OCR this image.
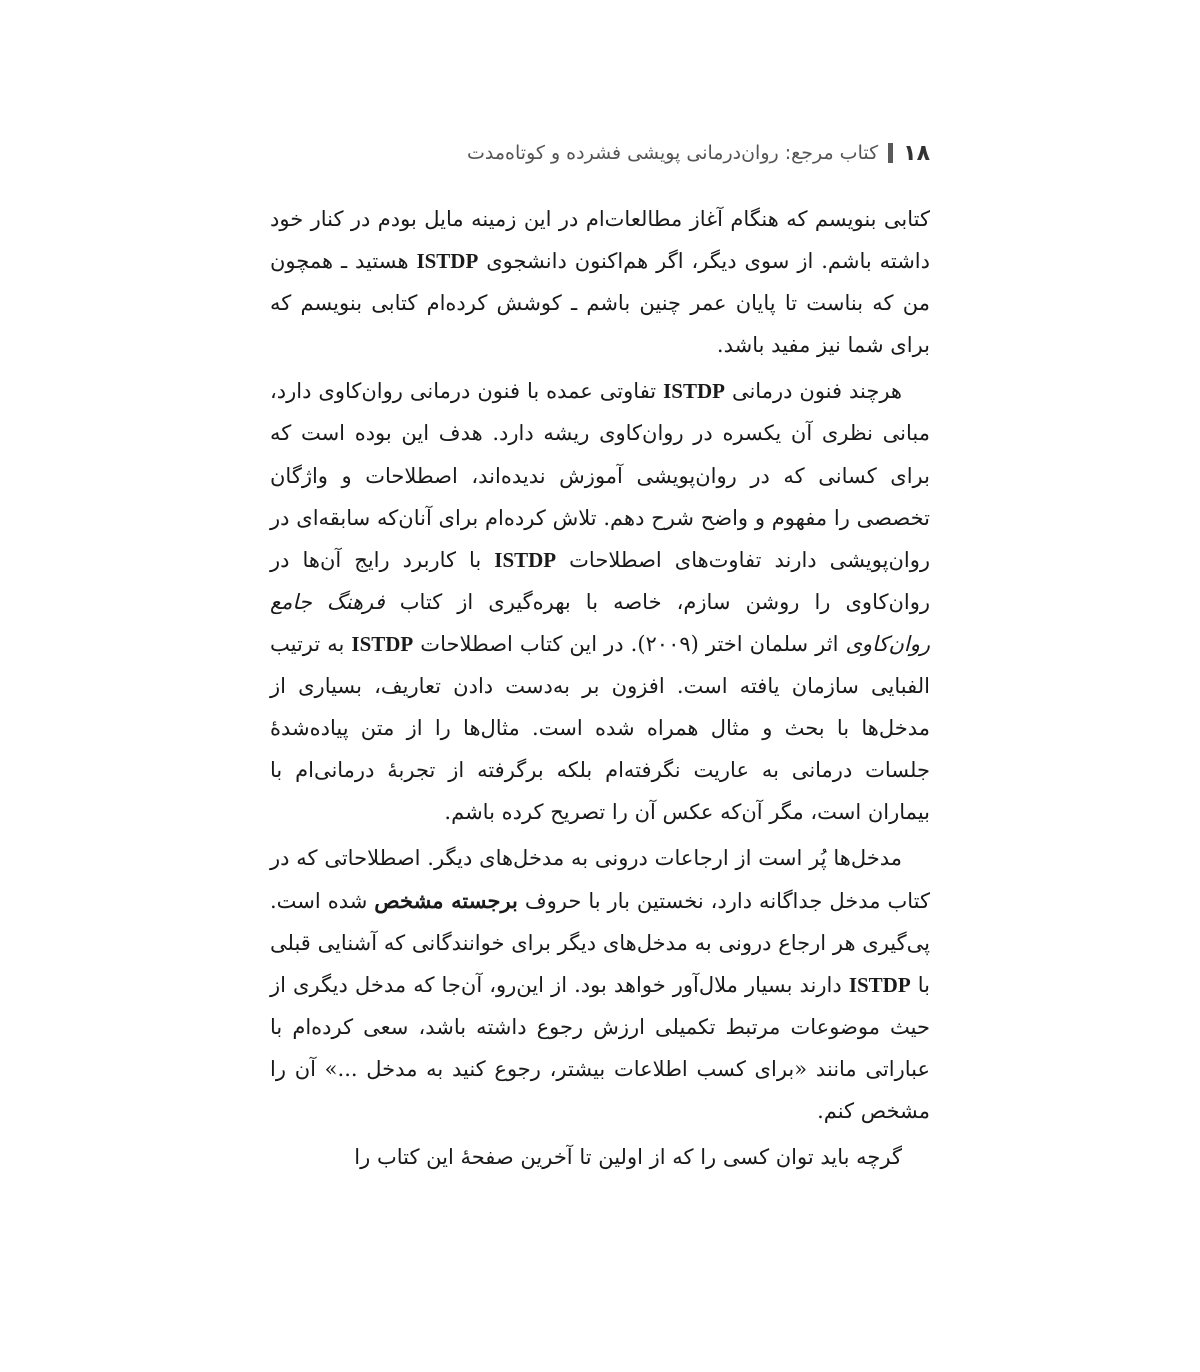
۱۸
کتاب مرجع: روان‌درمانی پویشی فشرده و کوتاه‌مدت

کتابی بنویسم که هنگام آغاز مطالعات‌ام در این زمینه مایل بودم در کنار خود داشته باشم. از سوی دیگر، اگر هم‌اکنون دانشجوی ISTDP هستید ـ همچون من که بناست تا پایان عمر چنین باشم ـ کوشش کرده‌ام کتابی بنویسم که برای شما نیز مفید باشد.

هرچند فنون درمانی ISTDP تفاوتی عمده با فنون درمانی روان‌کاوی دارد، مبانی نظری آن یکسره در روان‌کاوی ریشه دارد. هدف این بوده است که برای کسانی که در روان‌پویشی آموزش ندیده‌اند، اصطلاحات و واژگان تخصصی را مفهوم و واضح شرح دهم. تلاش کرده‌ام برای آنان‌که سابقه‌ای در روان‌پویشی دارند تفاوت‌های اصطلاحات ISTDP با کاربرد رایج آن‌ها در روان‌کاوی را روشن سازم، خاصه با بهره‌گیری از کتاب فرهنگ جامع روان‌کاوی اثر سلمان اختر (۲۰۰۹). در این کتاب اصطلاحات ISTDP به ترتیب الفبایی سازمان یافته است. افزون بر به‌دست دادن تعاریف، بسیاری از مدخل‌ها با بحث و مثال همراه شده است. مثال‌ها را از متن پیاده‌شدهٔ جلسات درمانی به عاریت نگرفته‌ام بلکه برگرفته از تجربهٔ درمانی‌ام با بیماران است، مگر آن‌که عکس آن را تصریح کرده باشم.

مدخل‌ها پُر است از ارجاعات درونی به مدخل‌های دیگر. اصطلاحاتی که در کتاب مدخل جداگانه دارد، نخستین بار با حروف برجسته مشخص شده است. پی‌گیری هر ارجاع درونی به مدخل‌های دیگر برای خوانندگانی که آشنایی قبلی با ISTDP دارند بسیار ملال‌آور خواهد بود. از این‌رو، آن‌جا که مدخل دیگری از حیث موضوعات مرتبط تکمیلی ارزش رجوع داشته باشد، سعی کرده‌ام با عباراتی مانند «برای کسب اطلاعات بیشتر، رجوع کنید به مدخل ...» آن را مشخص کنم.

گرچه باید توان کسی را که از اولین تا آخرین صفحهٔ این کتاب را
